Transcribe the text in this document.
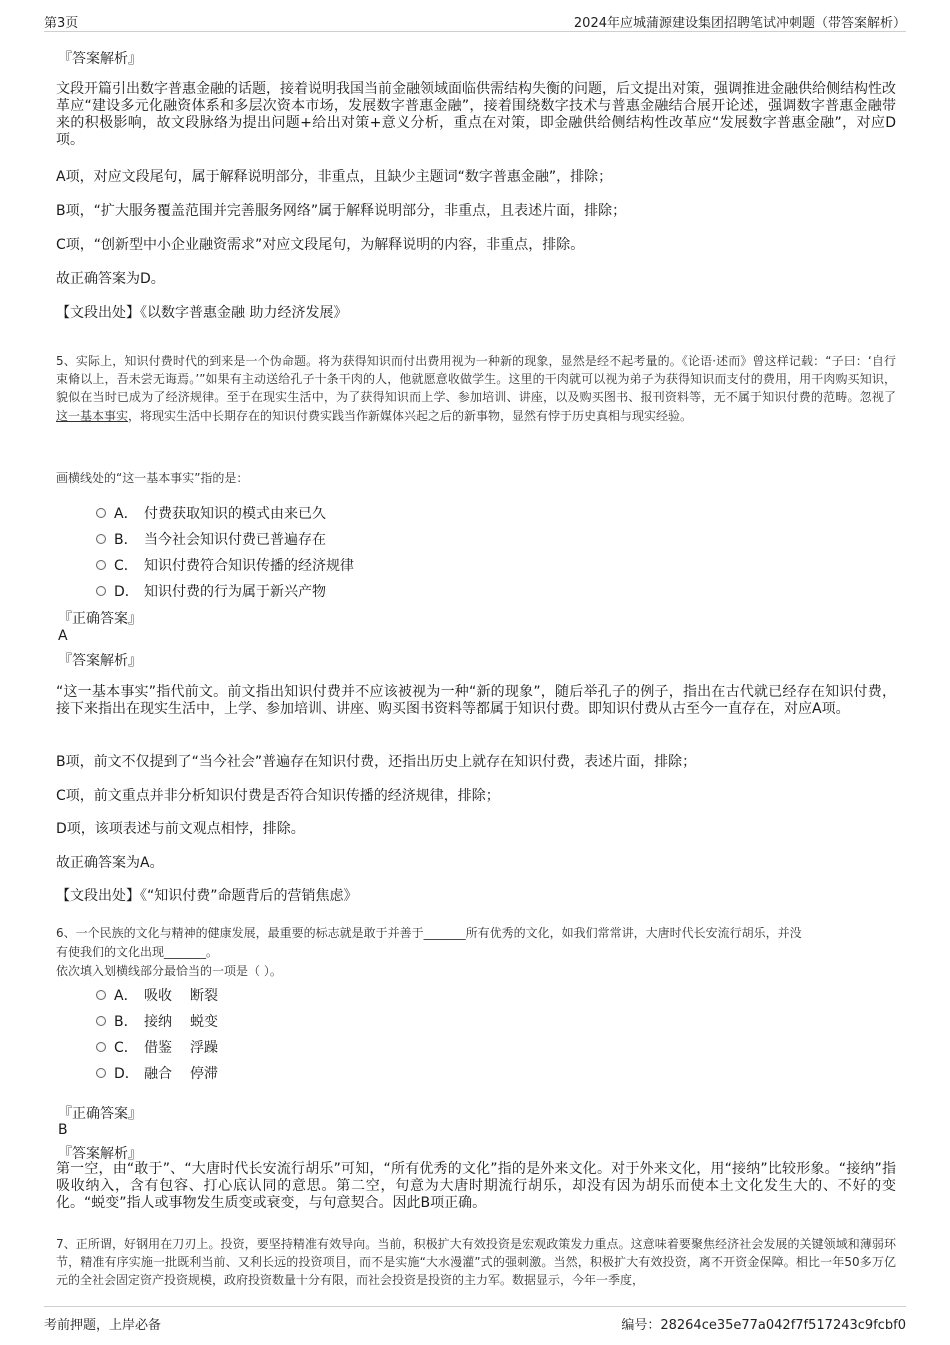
第3页	2024年应城蒲源建设集团招聘笔试冲刺题（带答案解析）
『答案解析』
文段开篇引出数字普惠金融的话题，接着说明我国当前金融领域面临供需结构失衡的问题，后文提出对策，强调推进金融供给侧结构性改革应“建设多元化融资体系和多层次资本市场，发展数字普惠金融”，接着围绕数字技术与普惠金融结合展开论述，强调数字普惠金融带来的积极影响，故文段脉络为提出问题+给出对策+意义分析，重点在对策，即金融供给侧结构性改革应“发展数字普惠金融”，对应D项。
A项，对应文段尾句，属于解释说明部分，非重点，且缺少主题词“数字普惠金融”，排除；
B项，“扩大服务覆盖范围并完善服务网络”属于解释说明部分，非重点，且表述片面，排除；
C项，“创新型中小企业融资需求”对应文段尾句，为解释说明的内容，非重点，排除。
故正确答案为D。
【文段出处】《以数字普惠金融 助力经济发展》
5、实际上，知识付费时代的到来是一个伪命题。将为获得知识而付出费用视为一种新的现象，显然是经不起考量的。《论语·述而》曾这样记载：“子曰：‘自行束脩以上，吾未尝无诲焉。’”如果有主动送给孔子十条干肉的人，他就愿意收做学生。这里的干肉就可以视为弟子为获得知识而支付的费用，用干肉购买知识，貌似在当时已成为了经济规律。至于在现实生活中，为了获得知识而上学、参加培训、讲座，以及购买图书、报刊资料等，无不属于知识付费的范畴。忽视了 这一基本事实，将现实生活中长期存在的知识付费实践当作新媒体兴起之后的新事物，显然有悖于历史真相与现实经验。
画横线处的“这一基本事实”指的是：
A． 付费获取知识的模式由来已久
B． 当今社会知识付费已普遍存在
C． 知识付费符合知识传播的经济规律
D． 知识付费的行为属于新兴产物
『正确答案』
A
『答案解析』
“这一基本事实”指代前文。前文指出知识付费并不应该被视为一种“新的现象”，随后举孔子的例子，指出在古代就已经存在知识付费，接下来指出在现实生活中，上学、参加培训、讲座、购买图书资料等都属于知识付费。即知识付费从古至今一直存在，对应A项。
B项，前文不仅提到了“当今社会”普遍存在知识付费，还指出历史上就存在知识付费，表述片面，排除；
C项，前文重点并非分析知识付费是否符合知识传播的经济规律，排除；
D项，该项表述与前文观点相悖，排除。
故正确答案为A。
【文段出处】《“知识付费”命题背后的营销焦虑》
6、一个民族的文化与精神的健康发展，最重要的标志就是敢于并善于_______所有优秀的文化，如我们常常讲，大唐时代长安流行胡乐，并没
有使我们的文化出现_______。
依次填入划横线部分最恰当的一项是（ ）。
A． 吸收	断裂
B． 接纳	蜕变
C． 借鉴	浮躁
D． 融合	停滞
『正确答案』
B
『答案解析』
第一空，由“敢于”、“大唐时代长安流行胡乐”可知，“所有优秀的文化”指的是外来文化。对于外来文化，用“接纳”比较形象。“接纳”指吸收纳入，含有包容、打心底认同的意思。第二空，句意为大唐时期流行胡乐，却没有因为胡乐而使本土文化发生大的、不好的变化。“蜕变”指人或事物发生质变或衰变，与句意契合。因此B项正确。
7、正所谓，好钢用在刀刃上。投资，要坚持精准有效导向。当前，积极扩大有效投资是宏观政策发力重点。这意味着要聚焦经济社会发展的关键领域和薄弱环节，精准有序实施一批既利当前、又利长远的投资项目，而不是实施“大水漫灌”式的强刺激。当然，积极扩大有效投资，离不开资金保障。相比一年50多万亿元的全社会固定资产投资规模，政府投资数量十分有限，而社会投资是投资的主力军。数据显示，今年一季度，
考前押题，上岸必备	编号：28264ce35e77a042f7f517243c9fcbf0
